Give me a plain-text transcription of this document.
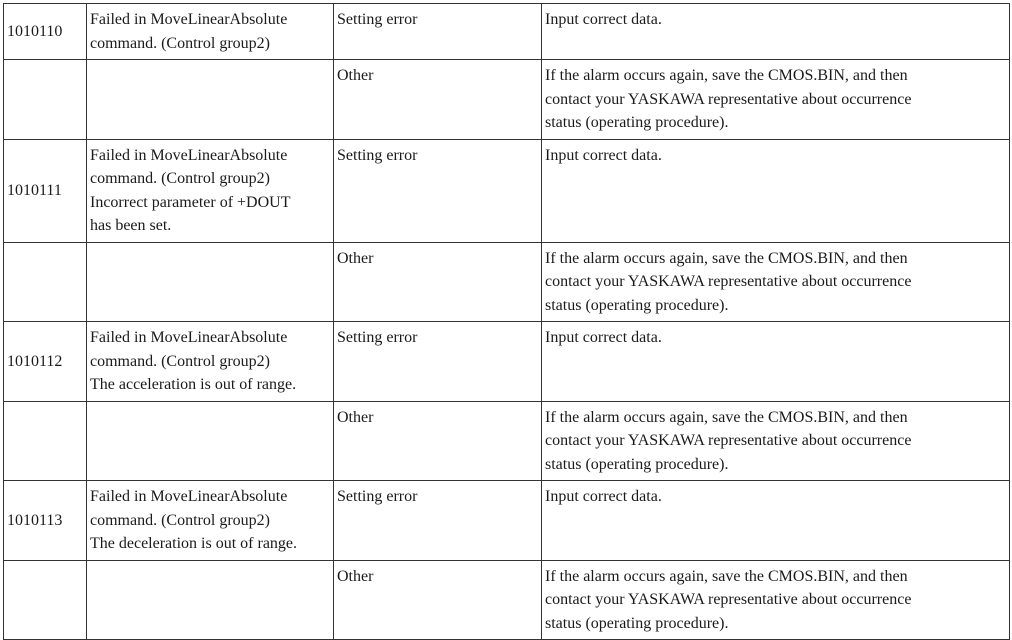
1010110	Failed in MoveLinearAbsolute
command. (Control group2)	Setting error	Input correct data.

		Other	If the alarm occurs again, save the CMOS.BIN, and then
contact your YASKAWA representative about occurrence
status (operating procedure).

1010111	Failed in MoveLinearAbsolute
command. (Control group2)
Incorrect parameter of +DOUT
has been set.	Setting error	Input correct data.

		Other	If the alarm occurs again, save the CMOS.BIN, and then
contact your YASKAWA representative about occurrence
status (operating procedure).

1010112	Failed in MoveLinearAbsolute
command. (Control group2)
The acceleration is out of range.	Setting error	Input correct data.

		Other	If the alarm occurs again, save the CMOS.BIN, and then
contact your YASKAWA representative about occurrence
status (operating procedure).

1010113	Failed in MoveLinearAbsolute
command. (Control group2)
The deceleration is out of range.	Setting error	Input correct data.

		Other	If the alarm occurs again, save the CMOS.BIN, and then
contact your YASKAWA representative about occurrence
status (operating procedure).
